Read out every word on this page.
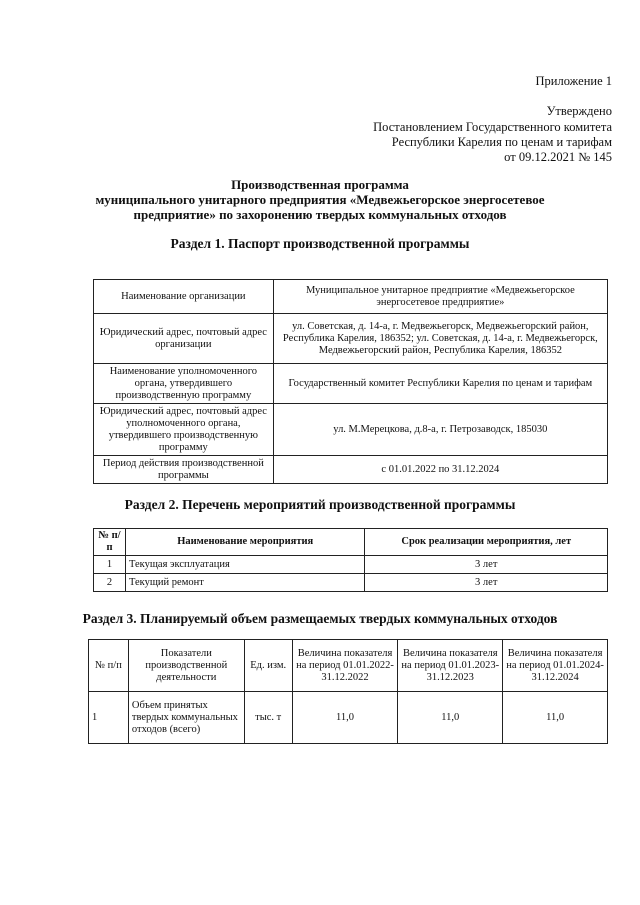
Приложение 1
Утверждено
Постановлением Государственного комитета
Республики Карелия по ценам и тарифам
от 09.12.2021 № 145
Производственная программа
муниципального унитарного предприятия «Медвежьегорское энергосетевое
предприятие» по захоронению твердых коммунальных отходов
Раздел 1. Паспорт производственной программы
Наименование организации	Муниципальное унитарное предприятие «Медвежьегорское энергосетевое предприятие»
Юридический адрес, почтовый адрес организации	ул. Советская, д. 14-а, г. Медвежьегорск, Медвежьегорский район, Республика Карелия, 186352; ул. Советская, д. 14-а, г. Медвежьегорск, Медвежьегорский район, Республика Карелия, 186352
Наименование уполномоченного органа, утвердившего производственную программу	Государственный комитет Республики Карелия по ценам и тарифам
Юридический адрес, почтовый адрес уполномоченного органа, утвердившего производственную программу	ул. М.Мерецкова, д.8-а, г. Петрозаводск, 185030
Период действия производственной программы	с 01.01.2022 по 31.12.2024
Раздел 2. Перечень мероприятий производственной программы
№ п/п	Наименование мероприятия	Срок реализации мероприятия, лет
1	Текущая эксплуатация	3 лет
2	Текущий ремонт	3 лет
Раздел 3. Планируемый объем размещаемых твердых коммунальных отходов
№ п/п	Показатели производственной деятельности	Ед. изм.	Величина показателя на период 01.01.2022-31.12.2022	Величина показателя на период 01.01.2023-31.12.2023	Величина показателя на период 01.01.2024-31.12.2024
1	Объем принятых твердых коммунальных отходов (всего)	тыс. т	11,0	11,0	11,0
